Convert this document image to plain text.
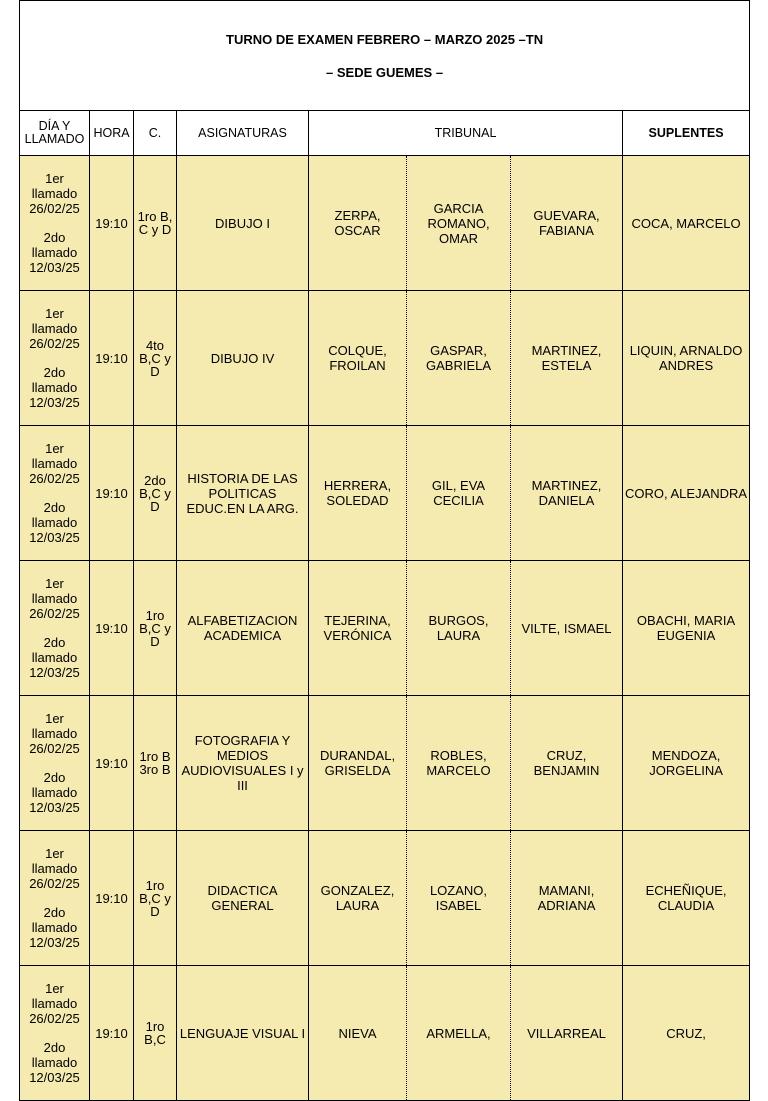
TURNO DE EXAMEN FEBRERO – MARZO 2025 –TN
– SEDE GUEMES –							

DÍA Y LLAMADO	HORA	C.	ASIGNATURAS	TRIBUNAL			SUPLENTES

1er llamado
26/02/25
2do llamado
12/03/25	19:10	1ro B, C y D	DIBUJO I	ZERPA, OSCAR	GARCIA ROMANO, OMAR	GUEVARA, FABIANA	COCA, MARCELO

1er llamado
26/02/25
2do llamado
12/03/25	19:10	4to B,C y D	DIBUJO IV	COLQUE, FROILAN	GASPAR, GABRIELA	MARTINEZ, ESTELA	LIQUIN, ARNALDO ANDRES

1er llamado
26/02/25
2do llamado
12/03/25	19:10	2do B,C y D	HISTORIA DE LAS POLITICAS EDUC.EN LA ARG.	HERRERA, SOLEDAD	GIL, EVA CECILIA	MARTINEZ, DANIELA	CORO, ALEJANDRA

1er llamado
26/02/25
2do llamado
12/03/25	19:10	1ro B,C y D	ALFABETIZACION ACADEMICA	TEJERINA, VERÓNICA	BURGOS, LAURA	VILTE, ISMAEL	OBACHI, MARIA EUGENIA

1er llamado
26/02/25
2do llamado
12/03/25	19:10	1ro B 3ro B	FOTOGRAFIA Y MEDIOS AUDIOVISUALES I y III	DURANDAL, GRISELDA	ROBLES, MARCELO	CRUZ, BENJAMIN	MENDOZA, JORGELINA

1er llamado
26/02/25
2do llamado
12/03/25	19:10	1ro B,C y D	DIDACTICA GENERAL	GONZALEZ, LAURA	LOZANO, ISABEL	MAMANI, ADRIANA	ECHEÑIQUE, CLAUDIA

1er llamado
26/02/25
2do llamado
12/03/25	19:10	1ro B,C	LENGUAJE VISUAL I	NIEVA	ARMELLA,	VILLARREAL	CRUZ,
